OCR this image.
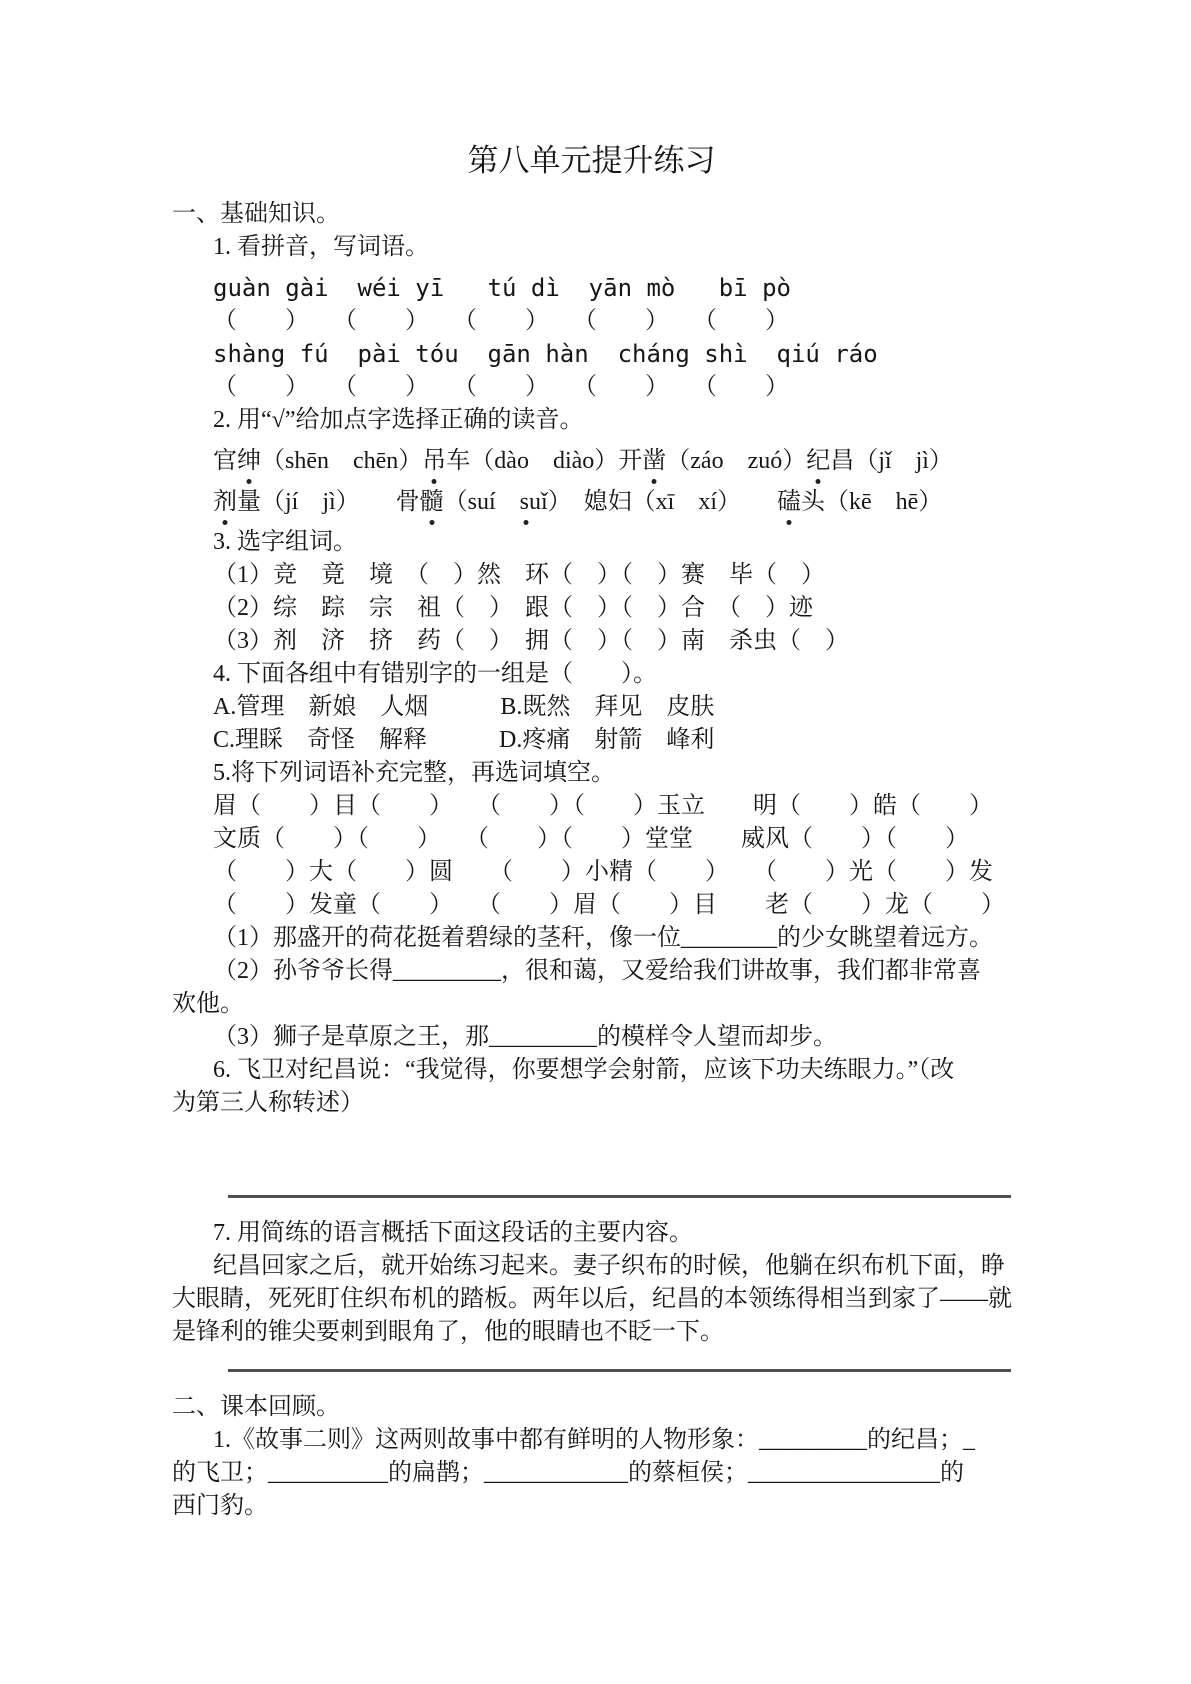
第八单元提升练习
一、基础知识。
1. 看拼音，写词语。
guàn gài  wéi yī   tú dì  yān mò   bī pò
（　　）　　（　　）　　（　　）　　（　　）　　（　　）
shàng fú  pài tóu  gān hàn  cháng shì  qiú ráo
（　　）　　（　　）　　（　　）　　（　　）　　（　　）
2. 用“√”给加点字选择正确的读音。
官绅（shēn　chēn）吊车（dào　diào）开凿（záo　zuó）纪昌（jǐ　jì）
剂量（jí　jì）　　骨髓（suí　suǐ）　媳妇（xī　xí）　　磕头（kē　hē）
3. 选字组词。
（1）竞　竟　境　（　）然　环（　）（　）赛　毕（　）
（2）综　踪　宗　祖（　）　跟（　）（　）合　（　）迹
（3）剂　济　挤　药（　）　拥（　）（　）南　杀虫（　）
4. 下面各组中有错别字的一组是（　　）。
A.管理　新娘　人烟　　　B.既然　拜见　皮肤
C.理睬　奇怪　解释　　　D.疼痛　射箭　峰利
5.将下列词语补充完整，再选词填空。
眉（　　）目（　　）　　（　　）（　　）玉立　　明（　　）皓（　　）
文质（　　）（　　）　　（　　）（　　）堂堂　　威风（　　）（　　）
（　　）大（　　）圆　　（　　）小精（　　）　　（　　）光（　　）发
（　　）发童（　　）　　（　　）眉（　　）目　　老（　　）龙（　　）
（1）那盛开的荷花挺着碧绿的茎秆，像一位________的少女眺望着远方。
（2）孙爷爷长得_________，很和蔼，又爱给我们讲故事，我们都非常喜
欢他。
（3）狮子是草原之王，那_________的模样令人望而却步。
6. 飞卫对纪昌说：“我觉得，你要想学会射箭，应该下功夫练眼力。”（改
为第三人称转述）
7. 用简练的语言概括下面这段话的主要内容。
纪昌回家之后，就开始练习起来。妻子织布的时候，他躺在织布机下面，睁
大眼睛，死死盯住织布机的踏板。两年以后，纪昌的本领练得相当到家了——就
是锋利的锥尖要刺到眼角了，他的眼睛也不眨一下。
二、课本回顾。
1.《故事二则》这两则故事中都有鲜明的人物形象：_________的纪昌；_
的飞卫；__________的扁鹊；____________的蔡桓侯；________________的
西门豹。
